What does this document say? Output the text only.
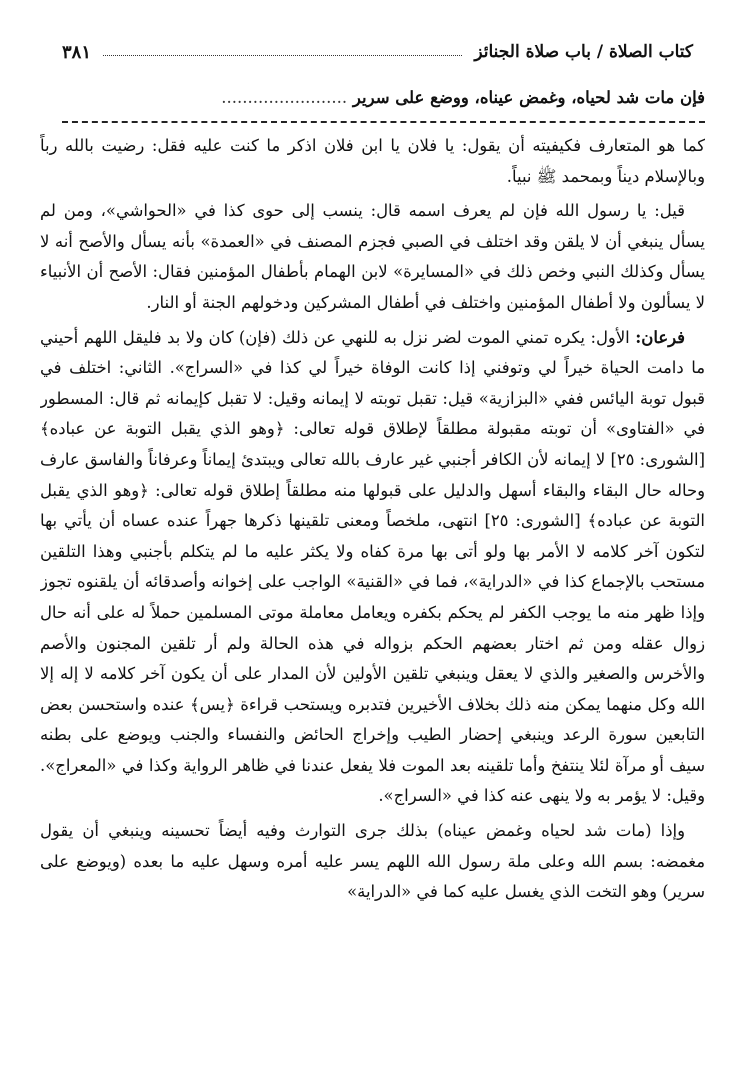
كتاب الصلاة / باب صلاة الجنائز
٣٨١
فإن مات شد لحياه، وغمض عيناه، ووضع على سرير ........................

كما هو المتعارف فكيفيته أن يقول: يا فلان يا ابن فلان اذكر ما كنت عليه فقل: رضيت بالله رباً وبالإسلام ديناً وبمحمد ﷺ نبياً.

قيل: يا رسول الله فإن لم يعرف اسمه قال: ينسب إلى حوى كذا في «الحواشي»، ومن لم يسأل ينبغي أن لا يلقن وقد اختلف في الصبي فجزم المصنف في «العمدة» بأنه يسأل والأصح أنه لا يسأل وكذلك النبي وخص ذلك في «المسايرة» لابن الهمام بأطفال المؤمنين فقال: الأصح أن الأنبياء لا يسألون ولا أطفال المؤمنين واختلف في أطفال المشركين ودخولهم الجنة أو النار.

فرعان: الأول: يكره تمني الموت لضر نزل به للنهي عن ذلك (فإن) كان ولا بد فليقل اللهم أحيني ما دامت الحياة خيراً لي وتوفني إذا كانت الوفاة خيراً لي كذا في «السراج». الثاني: اختلف في قبول توبة اليائس ففي «البزازية» قيل: تقبل توبته لا إيمانه وقيل: لا تقبل كإيمانه ثم قال: المسطور في «الفتاوى» أن توبته مقبولة مطلقاً لإطلاق قوله تعالى: ﴿وهو الذي يقبل التوبة عن عباده﴾ [الشورى: ٢٥] لا إيمانه لأن الكافر أجنبي غير عارف بالله تعالى ويبتدئ إيماناً وعرفاناً والفاسق عارف وحاله حال البقاء والبقاء أسهل والدليل على قبولها منه مطلقاً إطلاق قوله تعالى: ﴿وهو الذي يقبل التوبة عن عباده﴾ [الشورى: ٢٥] انتهى، ملخصاً ومعنى تلقينها ذكرها جهراً عنده عساه أن يأتي بها لتكون آخر كلامه لا الأمر بها ولو أتى بها مرة كفاه ولا يكثر عليه ما لم يتكلم بأجنبي وهذا التلقين مستحب بالإجماع كذا في «الدراية»، فما في «القنية» الواجب على إخوانه وأصدقائه أن يلقنوه تجوز وإذا ظهر منه ما يوجب الكفر لم يحكم بكفره ويعامل معاملة موتى المسلمين حملاً له على أنه حال زوال عقله ومن ثم اختار بعضهم الحكم بزواله في هذه الحالة ولم أر تلقين المجنون والأصم والأخرس والصغير والذي لا يعقل وينبغي تلقين الأولين لأن المدار على أن يكون آخر كلامه لا إله إلا الله وكل منهما يمكن منه ذلك بخلاف الأخيرين فتدبره ويستحب قراءة ﴿يس﴾ عنده واستحسن بعض التابعين سورة الرعد وينبغي إحضار الطيب وإخراج الحائض والنفساء والجنب ويوضع على بطنه سيف أو مرآة لئلا ينتفخ وأما تلقينه بعد الموت فلا يفعل عندنا في ظاهر الرواية وكذا في «المعراج». وقيل: لا يؤمر به ولا ينهى عنه كذا في «السراج».

وإذا (مات شد لحياه وغمض عيناه) بذلك جرى التوارث وفيه أيضاً تحسينه وينبغي أن يقول مغمضه: بسم الله وعلى ملة رسول الله اللهم يسر عليه أمره وسهل عليه ما بعده (ويوضع على سرير) وهو التخت الذي يغسل عليه كما في «الدراية»
